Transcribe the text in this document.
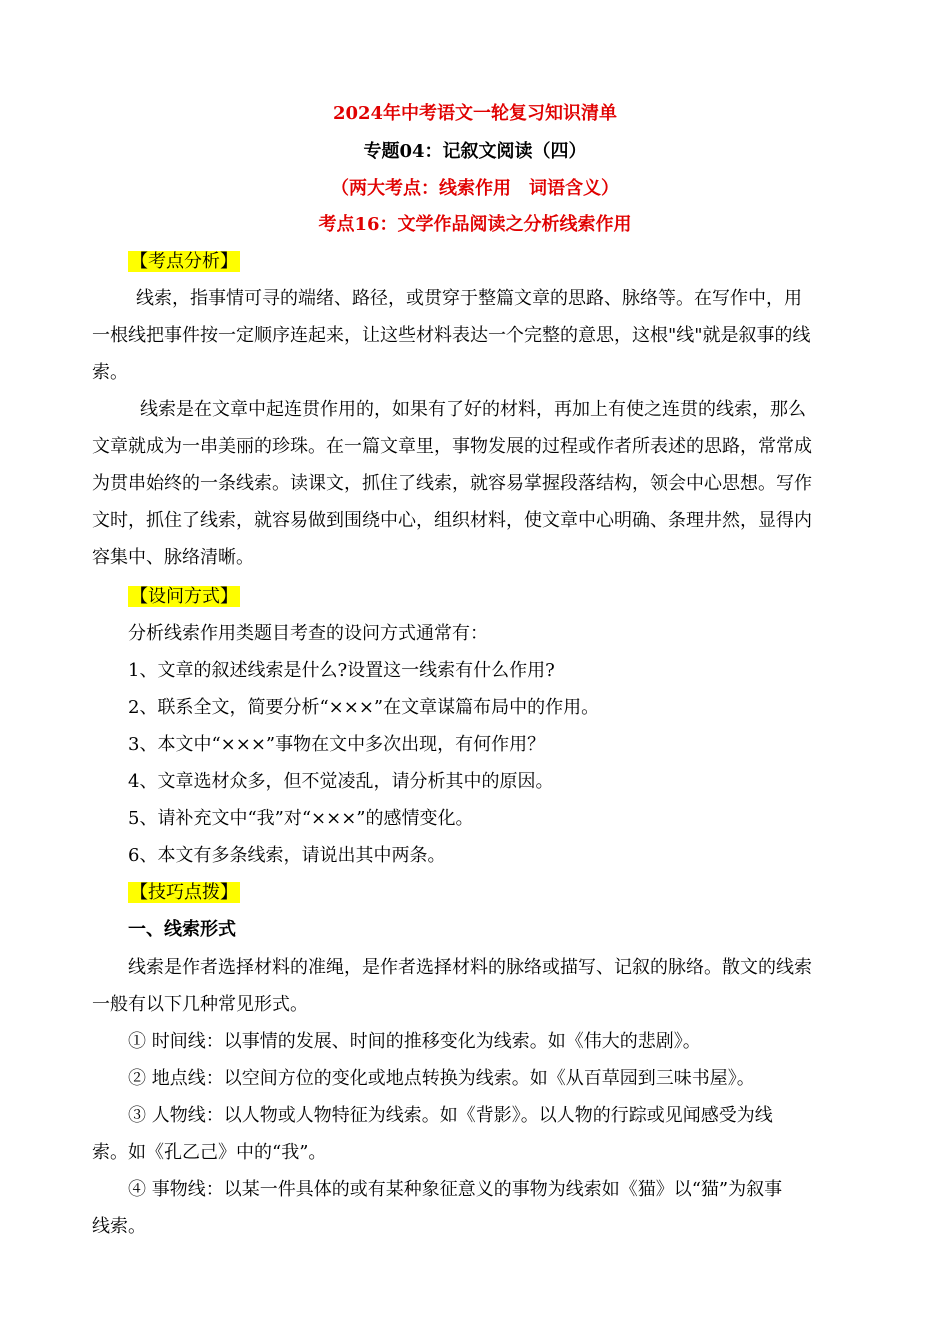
2024年中考语文一轮复习知识清单
专题04：记叙文阅读（四）
（两大考点：线索作用　词语含义）
考点16：文学作品阅读之分析线索作用
【考点分析】
线索，指事情可寻的端绪、路径，或贯穿于整篇文章的思路、脉络等。在写作中，用
一根线把事件按一定顺序连起来，让这些材料表达一个完整的意思，这根"线"就是叙事的线
索。
线索是在文章中起连贯作用的，如果有了好的材料，再加上有使之连贯的线索，那么
文章就成为一串美丽的珍珠。在一篇文章里，事物发展的过程或作者所表述的思路，常常成
为贯串始终的一条线索。读课文，抓住了线索，就容易掌握段落结构，领会中心思想。写作
文时，抓住了线索，就容易做到围绕中心，组织材料，使文章中心明确、条理井然，显得内
容集中、脉络清晰。
【设问方式】
分析线索作用类题目考查的设问方式通常有：
1、文章的叙述线索是什么?设置这一线索有什么作用?
2、联系全文，简要分析“×××”在文章谋篇布局中的作用。
3、本文中“×××”事物在文中多次出现，有何作用？
4、文章选材众多，但不觉凌乱，请分析其中的原因。
5、请补充文中“我”对“×××”的感情变化。
6、本文有多条线索，请说出其中两条。
【技巧点拨】
一、线索形式
线索是作者选择材料的准绳，是作者选择材料的脉络或描写、记叙的脉络。散文的线索
一般有以下几种常见形式。
① 时间线：以事情的发展、时间的推移变化为线索。如《伟大的悲剧》。
② 地点线：以空间方位的变化或地点转换为线索。如《从百草园到三味书屋》。
③ 人物线：以人物或人物特征为线索。如《背影》。以人物的行踪或见闻感受为线
索。如《孔乙己》中的“我”。
④ 事物线：以某一件具体的或有某种象征意义的事物为线索如《猫》以“猫”为叙事
线索。
